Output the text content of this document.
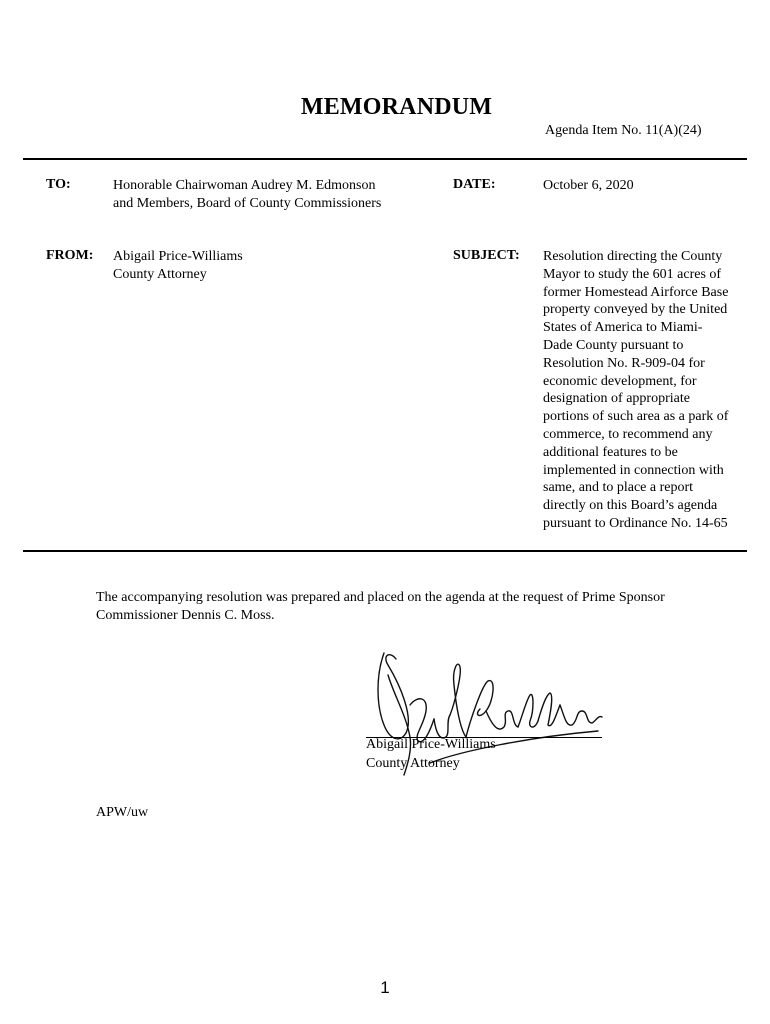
MEMORANDUM
Agenda Item No. 11(A)(24)
TO:	Honorable Chairwoman Audrey M. Edmonson
and Members, Board of County Commissioners
DATE:	October 6, 2020
FROM: Abigail Price-Williams
County Attorney
SUBJECT: Resolution directing the County
Mayor to study the 601 acres of
former Homestead Airforce Base
property conveyed by the United
States of America to Miami-
Dade County pursuant to
Resolution No. R-909-04 for
economic development, for
designation of appropriate
portions of such area as a park of
commerce, to recommend any
additional features to be
implemented in connection with
same, and to place a report
directly on this Board’s agenda
pursuant to Ordinance No. 14-65
The accompanying resolution was prepared and placed on the agenda at the request of Prime Sponsor
Commissioner Dennis C. Moss.
Abigail Price-Williams
County Attorney
APW/uw
1
